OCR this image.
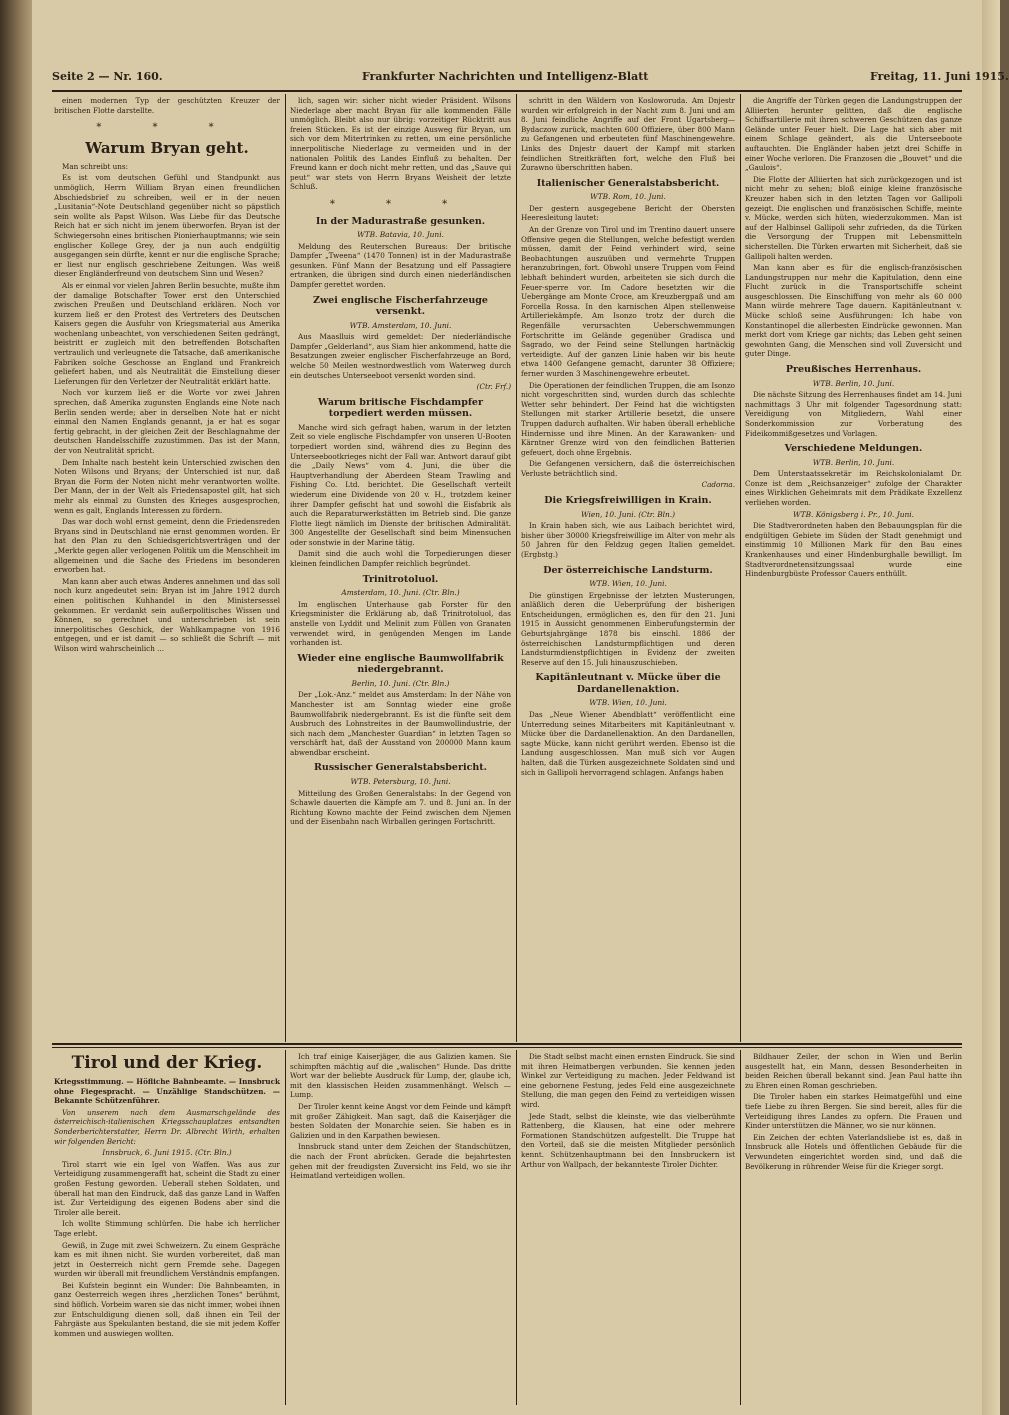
Seite 2 — Nr. 160.	Frankfurter Nachrichten und Intelligenz-Blatt	Freitag, 11. Juni 1915.

einen modernen Typ der geschützten Kreuzer der britischen Flotte darstellte.

* * *
Warum Bryan geht.

Man schreibt uns:

Es ist vom deutschen Gefühl und Standpunkt aus unmöglich, Herrn William Bryan einen freundlichen Abschiedsbrief zu schreiben, weil er in der neuen „Lusitania“-Note Deutschland gegenüber nicht so päpstlich sein wollte als Papst Wilson. Was Liebe für das Deutsche Reich hat er sich nicht im jenem überworfen. Bryan ist der Schwiegersohn eines britischen Pionierhauptmanns; wie sein englischer Kollege Grey, der ja nun auch endgültig ausgegangen sein dürfte, kennt er nur die englische Sprache; er liest nur englisch geschriebene Zeitungen. Was weiß dieser Engländerfreund von deutschem Sinn und Wesen?

Als er einmal vor vielen Jahren Berlin besuchte, mußte ihm der damalige Botschafter Tower erst den Unterschied zwischen Preußen und Deutschland erklären. Noch vor kurzem ließ er den Protest des Vertreters des Deutschen Kaisers gegen die Ausfuhr von Kriegsmaterial aus Amerika wochenlang unbeachtet, von verschiedenen Seiten gedrängt, beistritt er zugleich mit den betreffenden Botschaften vertraulich und verleugnete die Tatsache, daß amerikanische Fabriken solche Geschosse an England und Frankreich geliefert haben, und als Neutralität die Einstellung dieser Lieferungen für den Verletzer der Neutralität erklärt hatte.

Noch vor kurzem ließ er die Worte vor zwei Jahren sprechen, daß Amerika zugunsten Englands eine Note nach Berlin senden werde; aber in derselben Note hat er nicht einmal den Namen Englands genannt, ja er hat es sogar fertig gebracht, in der gleichen Zeit der Beschlagnahme der deutschen Handelsschiffe zuzustimmen. Das ist der Mann, der von Neutralität spricht.

Dem Inhalte nach besteht kein Unterschied zwischen den Noten Wilsons und Bryans; der Unterschied ist nur, daß Bryan die Form der Noten nicht mehr verantworten wollte. Der Mann, der in der Welt als Friedensapostel gilt, hat sich mehr als einmal zu Gunsten des Krieges ausgesprochen, wenn es galt, Englands Interessen zu fördern.

Das war doch wohl ernst gemeint, denn die Friedensreden Bryans sind in Deutschland nie ernst genommen worden. Er hat den Plan zu den Schiedsgerichtsverträgen und der „Merkte gegen aller verlogenen Politik um die Menschheit im allgemeinen und die Sache des Friedens im besonderen erworben hat.

Man kann aber auch etwas Anderes annehmen und das soll noch kurz angedeutet sein: Bryan ist im Jahre 1912 durch einen politischen Kuhhandel in den Ministersessel gekommen. Er verdankt sein außerpolitisches Wissen und Können, so gerechnet und unterschrieben ist sein innerpolitisches Geschick, der Wahlkampagne von 1916 entgegen, und er ist damit — so schließt die Schrift — mit Wilson wird wahrscheinlich ...

lich, sagen wir: sicher nicht wieder Präsident. Wilsons Niederlage aber macht Bryan für alle kommenden Fälle unmöglich. Bleibt also nur übrig: vorzeitiger Rücktritt aus freien Stücken. Es ist der einzige Ausweg für Bryan, um sich vor dem Mitertrinken zu retten, um eine persönliche innerpolitische Niederlage zu vermeiden und in der nationalen Politik des Landes Einfluß zu behalten. Der Freund kann er doch nicht mehr retten, und das „Sauve qui peut“ war stets von Herrn Bryans Weisheit der letzte Schluß.

* * *
In der Madurastraße gesunken.

WTB. Batavia, 10. Juni.

Meldung des Reuterschen Bureaus: Der britische Dampfer „Tweena“ (1470 Tonnen) ist in der Madurastraße gesunken. Fünf Mann der Besatzung und elf Passagiere ertranken, die übrigen sind durch einen niederländischen Dampfer gerettet worden.

Zwei englische Fischerfahrzeuge versenkt.

WTB. Amsterdam, 10. Juni.

Aus Maaslluis wird gemeldet: Der niederländische Dampfer „Gelderland“, aus Siam hier ankommend, hatte die Besatzungen zweier englischer Fischerfahrzeuge an Bord, welche 50 Meilen westnordwestlich vom Waterweg durch ein deutsches Unterseeboot versenkt worden sind.

(Ctr. Frf.)

Warum britische Fischdampfer torpediert werden müssen.

Manche wird sich gefragt haben, warum in der letzten Zeit so viele englische Fischdampfer von unseren U-Booten torpediert worden sind, während dies zu Beginn des Unterseebootkrieges nicht der Fall war. Antwort darauf gibt die „Daily News“ vom 4. Juni, die über die Hauptverhandlung der Aberdeen Steam Trawling and Fishing Co. Ltd. berichtet. Die Gesellschaft verteilt wiederum eine Dividende von 20 v. H., trotzdem keiner ihrer Dampfer gefischt hat und sowohl die Eisfabrik als auch die Reparaturwerkstätten im Betrieb sind. Die ganze Flotte liegt nämlich im Dienste der britischen Admiralität. 300 Angestellte der Gesellschaft sind beim Minensuchen oder sonstwie in der Marine tätig.

Damit sind die auch wohl die Torpedierungen dieser kleinen feindlichen Dampfer reichlich begründet.

Trinitrotoluol.

Amsterdam, 10. Juni. (Ctr. Bln.)

Im englischen Unterhause gab Forster für den Kriegsminister die Erklärung ab, daß Trinitrotoluol, das anstelle von Lyddit und Melinit zum Füllen von Granaten verwendet wird, in genügenden Mengen im Lande vorhanden ist.

Wieder eine englische Baumwollfabrik niedergebrannt.

Berlin, 10. Juni. (Ctr. Bln.)

Der „Lok.-Anz.“ meldet aus Amsterdam: In der Nähe von Manchester ist am Sonntag wieder eine große Baumwollfabrik niedergebrannt. Es ist die fünfte seit dem Ausbruch des Lohnstreites in der Baumwollindustrie, der sich nach dem „Manchester Guardian“ in letzten Tagen so verschärft hat, daß der Ausstand von 200000 Mann kaum abwendbar erscheint.

Russischer Generalstabsbericht.

WTB. Petersburg, 10. Juni.

Mitteilung des Großen Generalstabs: In der Gegend von Schawle dauerten die Kämpfe am 7. und 8. Juni an. In der Richtung Kowno machte der Feind zwischen dem Njemen und der Eisenbahn nach Wirballen geringen Fortschritt.

schritt in den Wäldern von Kosloworuda. Am Dnjestr wurden wir erfolgreich in der Nacht zum 8. Juni und am 8. Juni feindliche Angriffe auf der Front Ugartsberg—Bydaczow zurück, machten 600 Offiziere, über 800 Mann zu Gefangenen und erbeuteten fünf Maschinengewehre. Links des Dnjestr dauert der Kampf mit starken feindlichen Streitkräften fort, welche den Fluß bei Zurawno überschritten haben.

Italienischer Generalstabsbericht.

WTB. Rom, 10. Juni.

Der gestern ausgegebene Bericht der Obersten Heeresleitung lautet:

An der Grenze von Tirol und im Trentino dauert unsere Offensive gegen die Stellungen, welche befestigt werden müssen, damit der Feind verhindert wird, seine Beobachtungen auszuüben und vermehrte Truppen heranzubringen, fort. Obwohl unsere Truppen vom Feind lebhaft behindert wurden, arbeiteten sie sich durch die Feuer-sperre vor. Im Cadore besetzten wir die Uebergänge am Monte Croce, am Kreuzbergpaß und am Forcella Rossa. In den karnischen Alpen stellenweise Artilleriekämpfe. Am Isonzo trotz der durch die Regenfälle verursachten Ueberschwemmungen Fortschritte im Gelände gegenüber Gradisca und Sagrado, wo der Feind seine Stellungen hartnäckig verteidigte. Auf der ganzen Linie haben wir bis heute etwa 1400 Gefangene gemacht, darunter 38 Offiziere; ferner wurden 3 Maschinengewehre erbeutet.

Die Operationen der feindlichen Truppen, die am Isonzo nicht vorgeschritten sind, wurden durch das schlechte Wetter sehr behindert. Der Feind hat die wichtigsten Stellungen mit starker Artillerie besetzt, die unsere Truppen dadurch aufhalten. Wir haben überall erhebliche Hindernisse und ihre Minen. An der Karawanken- und Kärntner Grenze wird von den feindlichen Batterien gefeuert, doch ohne Ergebnis.

Die Gefangenen versichern, daß die österreichischen Verluste beträchtlich sind.

Cadorna.

Die Kriegsfreiwilligen in Krain.

Wien, 10. Juni. (Ctr. Bln.)

In Krain haben sich, wie aus Laibach berichtet wird, bisher über 30000 Kriegsfreiwillige im Alter von mehr als 50 Jahren für den Feldzug gegen Italien gemeldet. (Ergbstg.)

Der österreichische Landsturm.

WTB. Wien, 10. Juni.

Die günstigen Ergebnisse der letzten Musterungen, anläßlich deren die Ueberprüfung der bisherigen Entscheidungen, ermöglichen es, den für den 21. Juni 1915 in Aussicht genommenen Einberufungstermin der Geburtsjahrgänge 1878 bis einschl. 1886 der österreichischen Landsturmpflichtigen und deren Landsturmdienstpflichtigen in Evidenz der zweiten Reserve auf den 15. Juli hinauszuschieben.

Kapitänleutnant v. Mücke über die Dardanellenaktion.

WTB. Wien, 10. Juni.

Das „Neue Wiener Abendblatt“ veröffentlicht eine Unterredung seines Mitarbeiters mit Kapitänleutnant v. Mücke über die Dardanellenaktion. An den Dardanellen, sagte Mücke, kann nicht gerührt werden. Ebenso ist die Landung ausgeschlossen. Man muß sich vor Augen halten, daß die Türken ausgezeichnete Soldaten sind und sich in Gallipoli hervorragend schlagen. Anfangs haben

die Angriffe der Türken gegen die Landungstruppen der Alliierten herunter gelitten, daß die englische Schiffsartillerie mit ihren schweren Geschützen das ganze Gelände unter Feuer hielt. Die Lage hat sich aber mit einem Schlage geändert, als die Unterseeboote auftauchten. Die Engländer haben jetzt drei Schiffe in einer Woche verloren. Die Franzosen die „Bouvet“ und die „Gaulois“.

Die Flotte der Alliierten hat sich zurückgezogen und ist nicht mehr zu sehen; bloß einige kleine französische Kreuzer haben sich in den letzten Tagen vor Gallipoli gezeigt. Die englischen und französischen Schiffe, meinte v. Mücke, werden sich hüten, wiederzukommen. Man ist auf der Halbinsel Gallipoli sehr zufrieden, da die Türken die Versorgung der Truppen mit Lebensmitteln sicherstellen. Die Türken erwarten mit Sicherheit, daß sie Gallipoli halten werden.

Man kann aber es für die englisch-französischen Landungstruppen nur mehr die Kapitulation, denn eine Flucht zurück in die Transportschiffe scheint ausgeschlossen. Die Einschiffung von mehr als 60 000 Mann würde mehrere Tage dauern. Kapitänleutnant v. Mücke schloß seine Ausführungen: Ich habe von Konstantinopel die allerbesten Eindrücke gewonnen. Man merkt dort vom Kriege gar nichts; das Leben geht seinen gewohnten Gang, die Menschen sind voll Zuversicht und guter Dinge.

Preußisches Herrenhaus.

WTB. Berlin, 10. Juni.

Die nächste Sitzung des Herrenhauses findet am 14. Juni nachmittags 3 Uhr mit folgender Tagesordnung statt: Vereidigung von Mitgliedern, Wahl einer Sonderkommission zur Vorberatung des Fideikommißgesetzes und Vorlagen.

Verschiedene Meldungen.

WTB. Berlin, 10. Juni.

Dem Unterstaatssekretär im Reichskolonialamt Dr. Conze ist dem „Reichsanzeiger“ zufolge der Charakter eines Wirklichen Geheimrats mit dem Prädikate Exzellenz verliehen worden.

WTB. Königsberg i. Pr., 10. Juni.

Die Stadtverordneten haben den Bebauungsplan für die endgültigen Gebiete im Süden der Stadt genehmigt und einstimmig 10 Millionen Mark für den Bau eines Krankenhauses und einer Hindenburghalle bewilligt. Im Stadtverordnetensitzungssaal wurde eine Hindenburgbüste Professor Cauers enthüllt.

Tirol und der Krieg.

Kriegsstimmung. — Höfliche Bahnbeamte. — Innsbruck ohne Fiegespracht. — Unzählige Standschützen. — Bekannte Schützenführer.

Von unserem nach dem Ausmarschgelände des österreichisch-italienischen Kriegsschauplatzes entsandten Sonderberichterstatter, Herrn Dr. Albrecht Wirth, erhalten wir folgenden Bericht:

Innsbruck, 6. Juni 1915. (Ctr. Bln.)

Tirol starrt wie ein Igel von Waffen. Was aus zur Verteidigung zusammengerafft hat, scheint die Stadt zu einer großen Festung geworden. Ueberall stehen Soldaten, und überall hat man den Eindruck, daß das ganze Land in Waffen ist. Zur Verteidigung des eigenen Bodens aber sind die Tiroler alle bereit.

Ich wollte Stimmung schlürfen. Die habe ich herrlicher Tage erlebt.

Gewiß, in Zuge mit zwei Schweizern. Zu einem Gespräche kam es mit ihnen nicht. Sie wurden vorbereitet, daß man jetzt in Oesterreich nicht gern Fremde sehe. Dagegen wurden wir überall mit freundlichem Verständnis empfangen.

Bei Kufstein beginnt ein Wunder: Die Bahnbeamten, in ganz Oesterreich wegen ihres „herzlichen Tones“ berühmt, sind höflich. Vorbeim waren sie das nicht immer, wobei ihnen zur Entschuldigung dienen soll, daß ihnen ein Teil der Fahrgäste aus Spekulanten bestand, die sie mit jedem Koffer kommen und auswiegen wollten.

Ich traf einige Kaiserjäger, die aus Galizien kamen. Sie schimpften mächtig auf die „walischen“ Hunde. Das dritte Wort war der beliebte Ausdruck für Lump, der, glaube ich, mit den klassischen Heiden zusammenhängt. Welsch — Lump.

Der Tiroler kennt keine Angst vor dem Feinde und kämpft mit großer Zähigkeit. Man sagt, daß die Kaiserjäger die besten Soldaten der Monarchie seien. Sie haben es in Galizien und in den Karpathen bewiesen.

Innsbruck stand unter dem Zeichen der Standschützen, die nach der Front abrücken. Gerade die bejahrtesten gehen mit der freudigsten Zuversicht ins Feld, wo sie ihr Heimatland verteidigen wollen.

Die Stadt selbst macht einen ernsten Eindruck. Sie sind mit ihren Heimatbergen verbunden. Sie kennen jeden Winkel zur Verteidigung zu machen. Jeder Feldwand ist eine gebornene Festung, jedes Feld eine ausgezeichnete Stellung, die man gegen den Feind zu verteidigen wissen wird.

Jede Stadt, selbst die kleinste, wie das vielberühmte Rattenberg, die Klausen, hat eine oder mehrere Formationen Standschützen aufgestellt. Die Truppe hat den Vorteil, daß sie die meisten Mitglieder persönlich kennt. Schützenhauptmann bei den Innsbruckern ist Arthur von Wallpach, der bekannteste Tiroler Dichter.

Bildhauer Zeiler, der schon in Wien und Berlin ausgestellt hat, ein Mann, dessen Besonderheiten in beiden Reichen überall bekannt sind. Jean Paul hatte ihn zu Ehren einen Roman geschrieben.

Die Tiroler haben ein starkes Heimatgefühl und eine tiefe Liebe zu ihren Bergen. Sie sind bereit, alles für die Verteidigung ihres Landes zu opfern. Die Frauen und Kinder unterstützen die Männer, wo sie nur können.

Ein Zeichen der echten Vaterlandsliebe ist es, daß in Innsbruck alle Hotels und öffentlichen Gebäude für die Verwundeten eingerichtet worden sind, und daß die Bevölkerung in rührender Weise für die Krieger sorgt.
